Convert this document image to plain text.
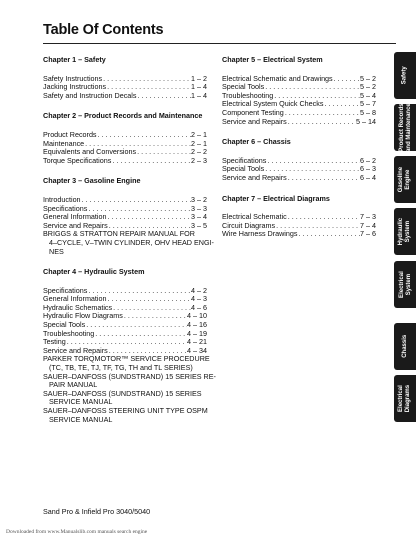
Table Of Contents
Chapter 1 – Safety
Safety Instructions . . .	1 – 2
Jacking Instructions . . .	1 – 4
Safety and Instruction Decals . . .	1 – 4
Chapter 2 – Product Records and Maintenance
Product Records . . .	2 – 1
Maintenance . . .	2 – 1
Equivalents and Conversions . . .	2 – 2
Torque Specifications . . .	2 – 3
Chapter 3 – Gasoline Engine
Introduction . . .	3 – 2
Specifications . . .	3 – 3
General Information . . .	3 – 4
Service and Repairs . . .	3 – 5
BRIGGS & STRATTON REPAIR MANUAL FOR
4–CYCLE, V–TWIN CYLINDER, OHV HEAD ENGI-
NES
Chapter 4 – Hydraulic System
Specifications . . .	4 – 2
General Information . . .	4 – 3
Hydraulic Schematics . . .	4 – 6
Hydraulic Flow Diagrams . . .	4 – 10
Special Tools . . .	4 – 16
Troubleshooting . . .	4 – 19
Testing . . .	4 – 21
Service and Repairs . . .	4 – 34
PARKER TORQMOTOR™ SERVICE PROCEDURE
(TC, TB, TE, TJ, TF, TG, TH and TL SERIES)
SAUER–DANFOSS (SUNDSTRAND) 15 SERIES RE-
PAIR MANUAL
SAUER–DANFOSS (SUNDSTRAND) 15 SERIES
SERVICE MANUAL
SAUER–DANFOSS STEERING UNIT TYPE OSPM
SERVICE MANUAL
Chapter 5 – Electrical System
Electrical Schematic and Drawings . . .	5 – 2
Special Tools . . .	5 – 2
Troubleshooting . . .	5 – 4
Electrical System Quick Checks . . .	5 – 7
Component Testing . . .	5 – 8
Service and Repairs . . .	5 – 14
Chapter 6 – Chassis
Specifications . . .	6 – 2
Special Tools . . .	6 – 3
Service and Repairs . . .	6 – 4
Chapter 7 – Electrical Diagrams
Electrical Schematic . . .	7 – 3
Circuit Diagrams . . .	7 – 4
Wire Harness Drawings . . .	7 – 6
Safety
Product Records
and Maintenance
Gasoline
Engine
Hydraulic
System
Electrical
System
Chassis
Electrical
Diagrams
Sand Pro & Infield Pro 3040/5040
Downloaded from www.Manualslib.com manuals search engine
